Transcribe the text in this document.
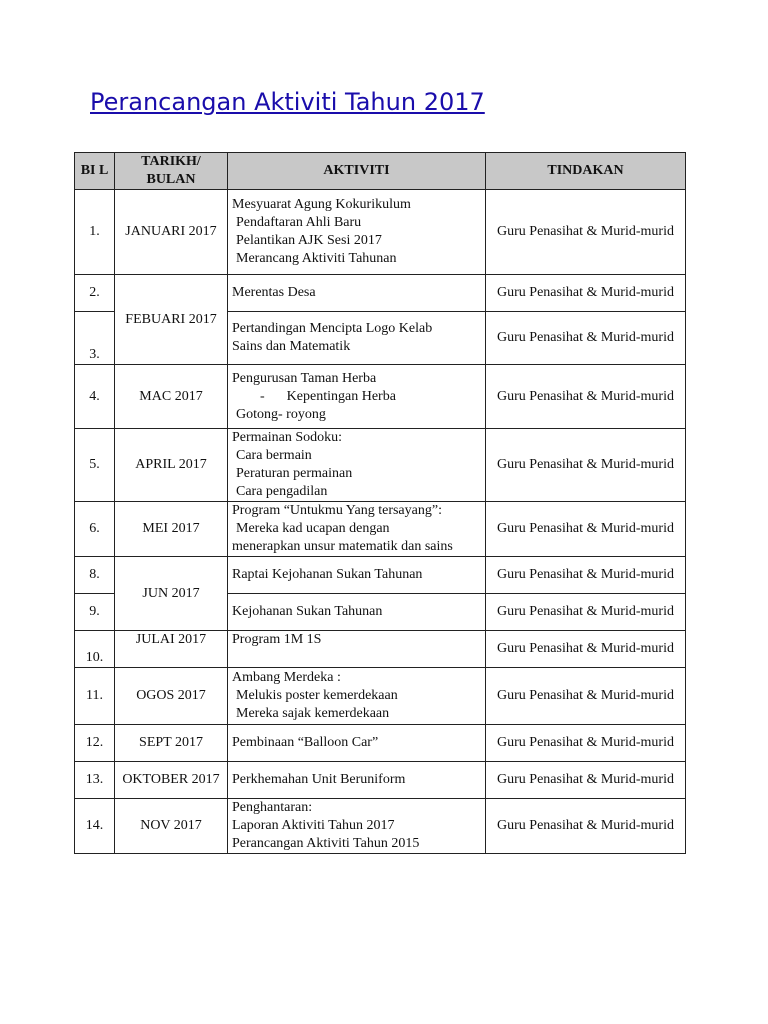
Perancangan Aktiviti Tahun 2017
BI L	TARIKH/ BULAN	AKTIVITI	TINDAKAN
1.	JANUARI 2017	Mesyuarat Agung Kokurikulum
Pendaftaran Ahli Baru
Pelantikan AJK Sesi 2017
Merancang Aktiviti Tahunan	Guru Penasihat & Murid-murid
2.	FEBUARI 2017	Merentas Desa	Guru Penasihat & Murid-murid
3.		Pertandingan Mencipta Logo Kelab
Sains dan Matematik	Guru Penasihat & Murid-murid
4.	MAC 2017	Pengurusan Taman Herba
- Kepentingan Herba
Gotong- royong	Guru Penasihat & Murid-murid
5.	APRIL 2017	Permainan Sodoku:
Cara bermain
Peraturan permainan
Cara pengadilan	Guru Penasihat & Murid-murid
6.	MEI 2017	Program “Untukmu Yang tersayang”:
Mereka kad ucapan dengan
menerapkan unsur matematik dan sains	Guru Penasihat & Murid-murid
8.	JUN 2017	Raptai Kejohanan Sukan Tahunan	Guru Penasihat & Murid-murid
9.		Kejohanan Sukan Tahunan	Guru Penasihat & Murid-murid
10.	JULAI 2017	Program 1M 1S	Guru Penasihat & Murid-murid
11.	OGOS 2017	Ambang Merdeka :
Melukis poster kemerdekaan
Mereka sajak kemerdekaan	Guru Penasihat & Murid-murid
12.	SEPT 2017	Pembinaan “Balloon Car”	Guru Penasihat & Murid-murid
13.	OKTOBER 2017	Perkhemahan Unit Beruniform	Guru Penasihat & Murid-murid
14.	NOV 2017	Penghantaran:
Laporan Aktiviti Tahun 2017
Perancangan Aktiviti Tahun 2015	Guru Penasihat & Murid-murid
